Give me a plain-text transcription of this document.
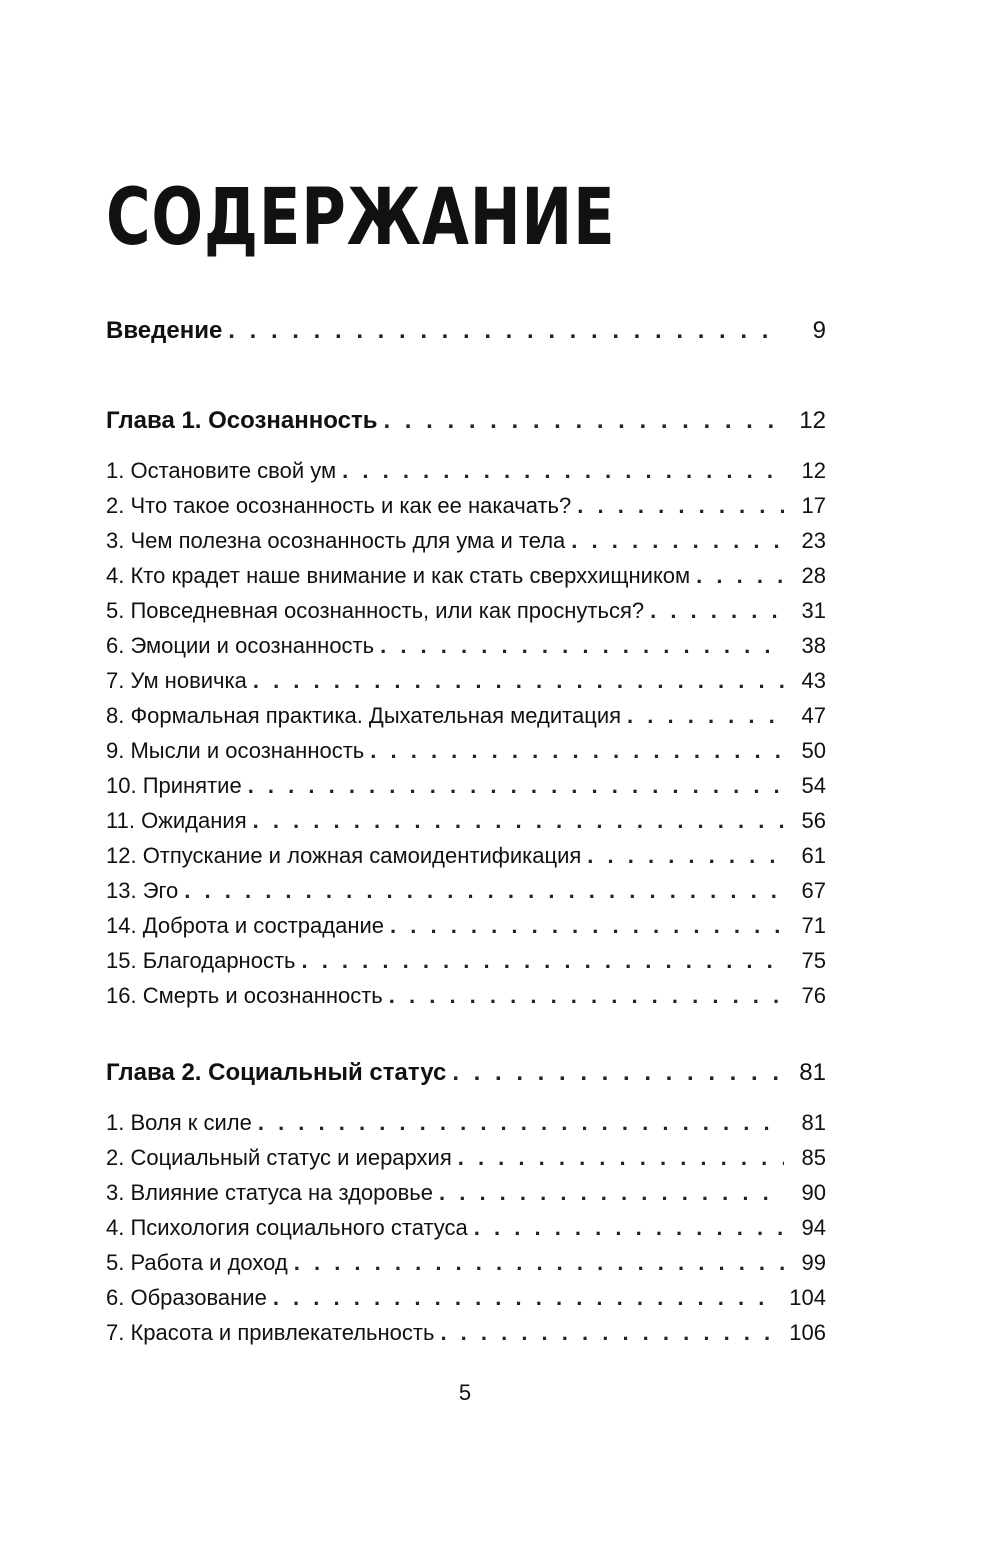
СОДЕРЖАНИЕ
Введение . . .	9
Глава 1. Осознанность . . .	12
1. Остановите свой ум . . .	12
2. Что такое осознанность и как ее накачать? . . .	17
3. Чем полезна осознанность для ума и тела . . .	23
4. Кто крадет наше внимание и как стать сверххищником . . .	28
5. Повседневная осознанность, или как проснуться? . . .	31
6. Эмоции и осознанность . . .	38
7. Ум новичка . . .	43
8. Формальная практика. Дыхательная медитация . . .	47
9. Мысли и осознанность . . .	50
10. Принятие . . .	54
11. Ожидания . . .	56
12. Отпускание и ложная самоидентификация . . .	61
13. Эго . . .	67
14. Доброта и сострадание . . .	71
15. Благодарность . . .	75
16. Смерть и осознанность . . .	76
Глава 2. Социальный статус . . .	81
1. Воля к силе . . .	81
2. Социальный статус и иерархия . . .	85
3. Влияние статуса на здоровье . . .	90
4. Психология социального статуса . . .	94
5. Работа и доход . . .	99
6. Образование . . .	104
7. Красота и привлекательность . . .	106
5
